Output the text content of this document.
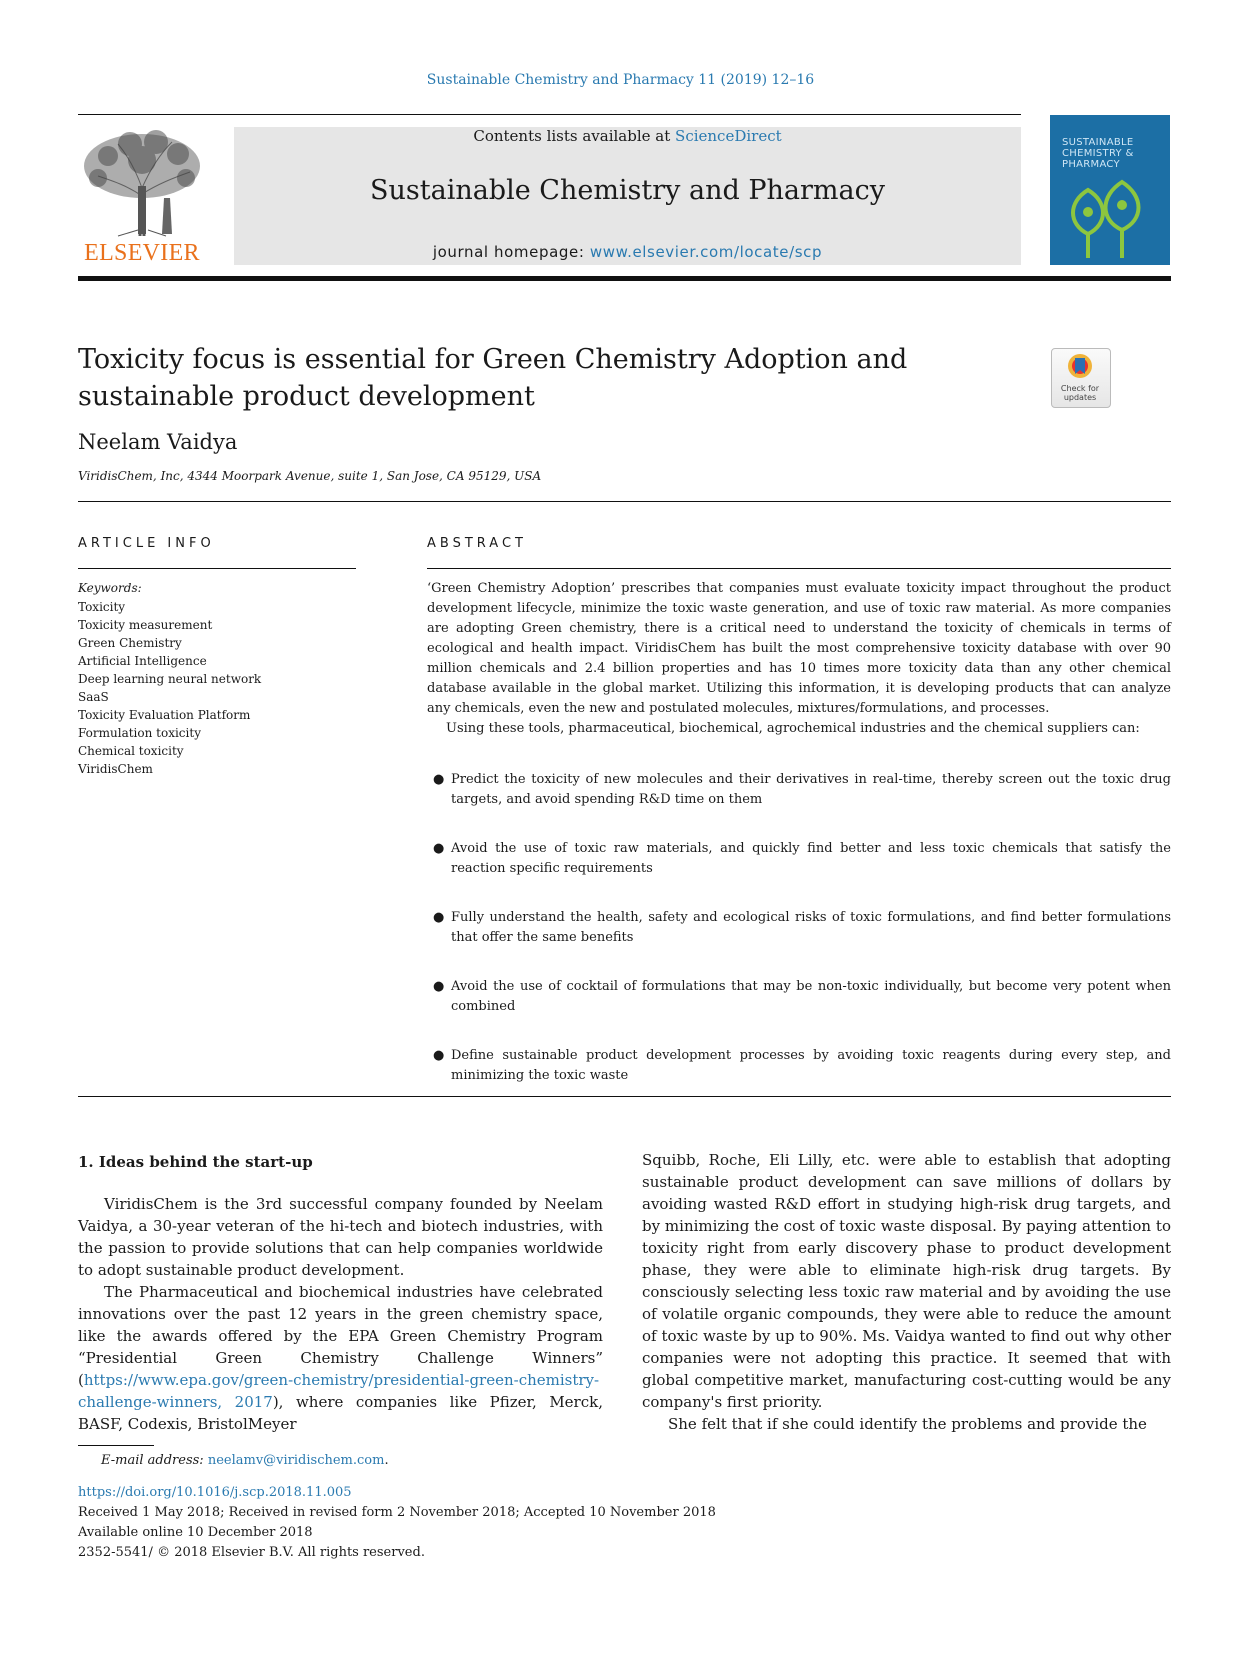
Sustainable Chemistry and Pharmacy 11 (2019) 12–16
ELSEVIER
Contents lists available at ScienceDirect
Sustainable Chemistry and Pharmacy
journal homepage: www.elsevier.com/locate/scp
SUSTAINABLE
CHEMISTRY &
PHARMACY
Toxicity focus is essential for Green Chemistry Adoption and sustainable product development	Check for
updates
Neelam Vaidya
ViridisChem, Inc, 4344 Moorpark Avenue, suite 1, San Jose, CA 95129, USA
ARTICLE INFO
Keywords:
Toxicity
Toxicity measurement
Green Chemistry
Artificial Intelligence
Deep learning neural network
SaaS
Toxicity Evaluation Platform
Formulation toxicity
Chemical toxicity
ViridisChem
ABSTRACT

‘Green Chemistry Adoption’ prescribes that companies must evaluate toxicity impact throughout the product development lifecycle, minimize the toxic waste generation, and use of toxic raw material. As more companies are adopting Green chemistry, there is a critical need to understand the toxicity of chemicals in terms of ecological and health impact. ViridisChem has built the most comprehensive toxicity database with over 90 million chemicals and 2.4 billion properties and has 10 times more toxicity data than any other chemical database available in the global market. Utilizing this information, it is developing products that can analyze any chemicals, even the new and postulated molecules, mixtures/formulations, and processes.

Using these tools, pharmaceutical, biochemical, agrochemical industries and the chemical suppliers can:

● Predict the toxicity of new molecules and their derivatives in real-time, thereby screen out the toxic drug targets, and avoid spending R&D time on them
● Avoid the use of toxic raw materials, and quickly find better and less toxic chemicals that satisfy the reaction specific requirements
● Fully understand the health, safety and ecological risks of toxic formulations, and find better formulations that offer the same benefits
● Avoid the use of cocktail of formulations that may be non-toxic individually, but become very potent when combined
● Define sustainable product development processes by avoiding toxic reagents during every step, and minimizing the toxic waste
1. Ideas behind the start-up

ViridisChem is the 3rd successful company founded by Neelam Vaidya, a 30-year veteran of the hi-tech and biotech industries, with the passion to provide solutions that can help companies worldwide to adopt sustainable product development.

The Pharmaceutical and biochemical industries have celebrated innovations over the past 12 years in the green chemistry space, like the awards offered by the EPA Green Chemistry Program “Presidential Green Chemistry Challenge Winners” (https://www.epa.gov/green-chemistry/presidential-green-chemistry-challenge-winners, 2017), where companies like Pfizer, Merck, BASF, Codexis, BristolMeyer

Squibb, Roche, Eli Lilly, etc. were able to establish that adopting sustainable product development can save millions of dollars by avoiding wasted R&D effort in studying high-risk drug targets, and by minimizing the cost of toxic waste disposal. By paying attention to toxicity right from early discovery phase to product development phase, they were able to eliminate high-risk drug targets. By consciously selecting less toxic raw material and by avoiding the use of volatile organic compounds, they were able to reduce the amount of toxic waste by up to 90%. Ms. Vaidya wanted to find out why other companies were not adopting this practice. It seemed that with global competitive market, manufacturing cost-cutting would be any company's first priority.

She felt that if she could identify the problems and provide the

E-mail address: neelamv@viridischem.com.
https://doi.org/10.1016/j.scp.2018.11.005
Received 1 May 2018; Received in revised form 2 November 2018; Accepted 10 November 2018
Available online 10 December 2018
2352-5541/ © 2018 Elsevier B.V. All rights reserved.
